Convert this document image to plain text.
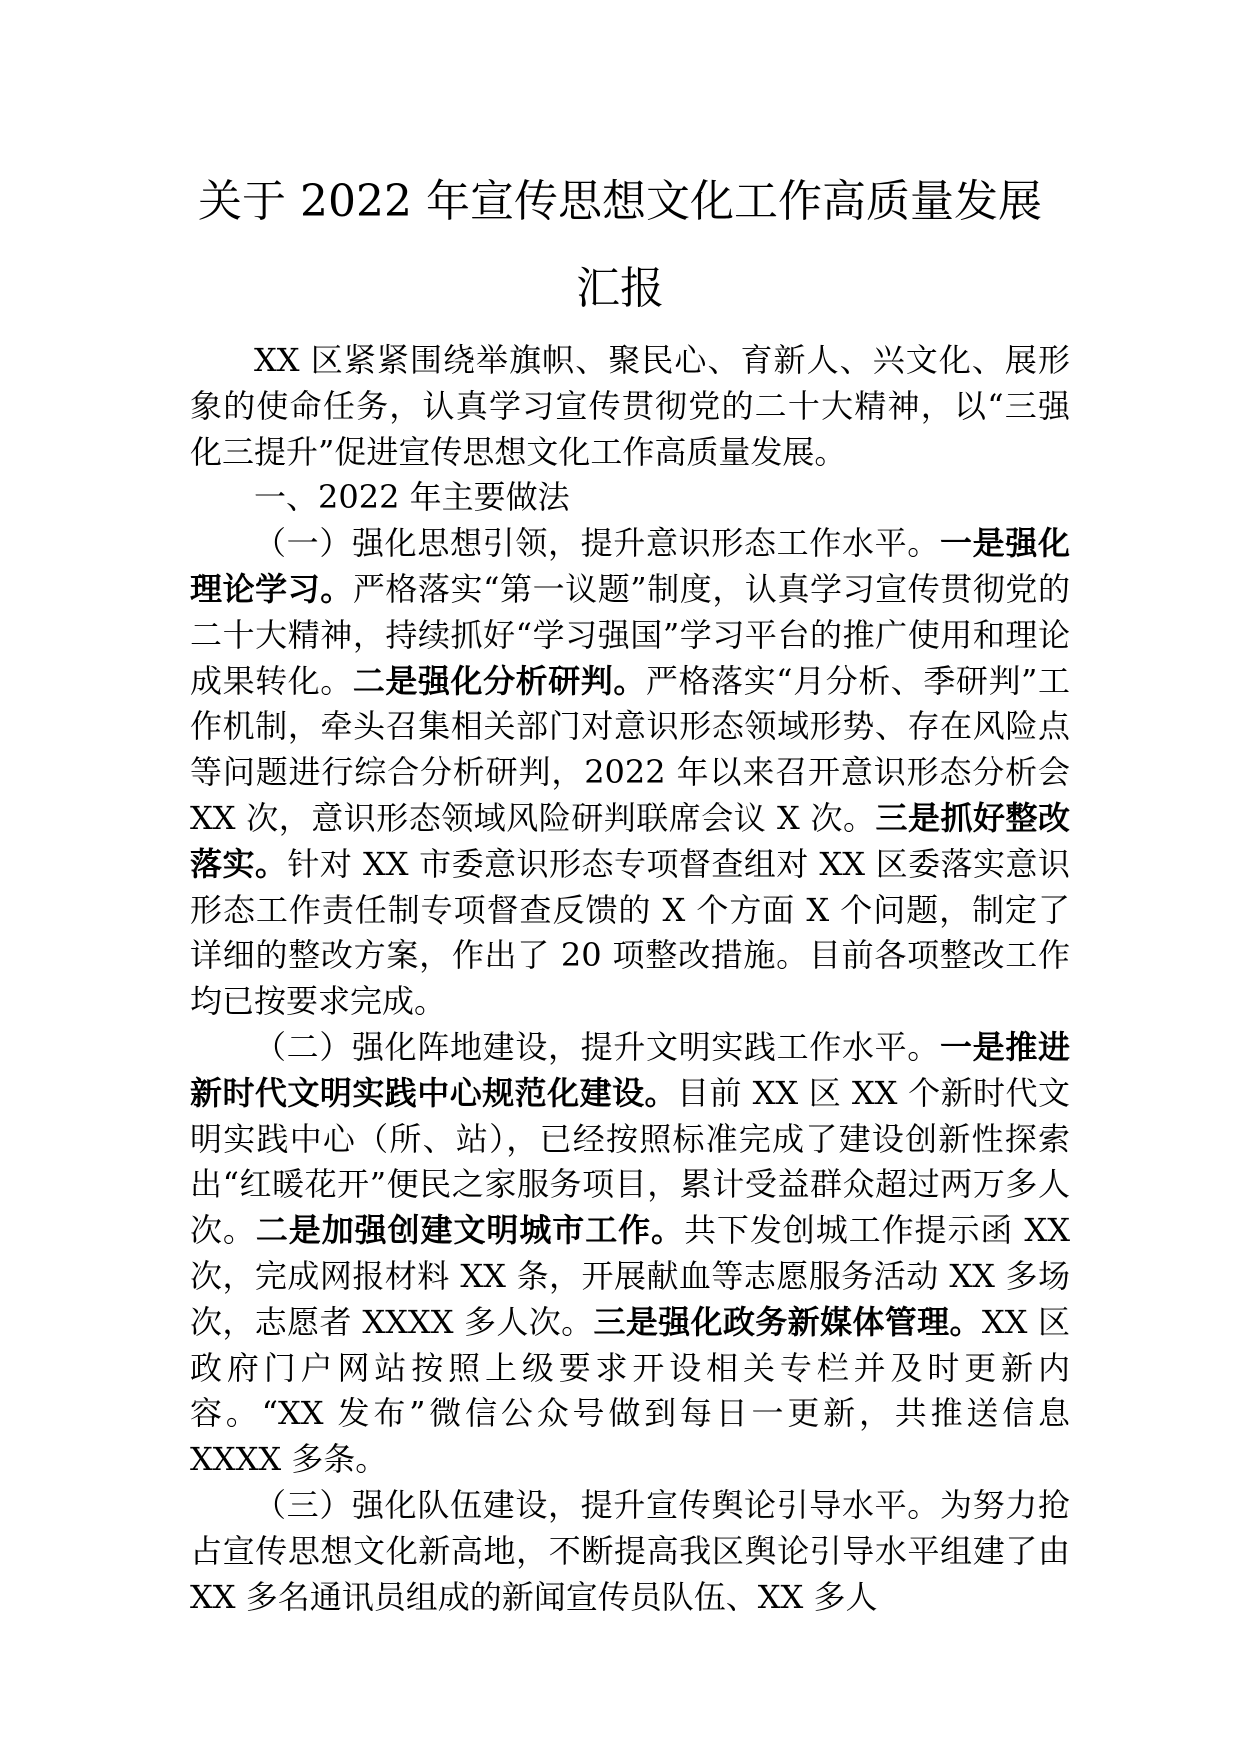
关于 2022 年宣传思想文化工作高质量发展
汇报

XX 区紧紧围绕举旗帜、聚民心、育新人、兴文化、展形象的使命任务，认真学习宣传贯彻党的二十大精神，以“三强化三提升”促进宣传思想文化工作高质量发展。

一、2022 年主要做法

（一）强化思想引领，提升意识形态工作水平。一是强化理论学习。严格落实“第一议题”制度，认真学习宣传贯彻党的二十大精神，持续抓好“学习强国”学习平台的推广使用和理论成果转化。二是强化分析研判。严格落实“月分析、季研判”工作机制，牵头召集相关部门对意识形态领域形势、存在风险点等问题进行综合分析研判，2022 年以来召开意识形态分析会 XX 次，意识形态领域风险研判联席会议 X 次。三是抓好整改落实。针对 XX 市委意识形态专项督查组对 XX 区委落实意识形态工作责任制专项督查反馈的 X 个方面 X 个问题，制定了详细的整改方案，作出了 20 项整改措施。目前各项整改工作均已按要求完成。

（二）强化阵地建设，提升文明实践工作水平。一是推进新时代文明实践中心规范化建设。目前 XX 区 XX 个新时代文明实践中心（所、站），已经按照标准完成了建设创新性探索出“红暖花开”便民之家服务项目，累计受益群众超过两万多人次。二是加强创建文明城市工作。共下发创城工作提示函 XX 次，完成网报材料 XX 条，开展献血等志愿服务活动 XX 多场次，志愿者 XXXX 多人次。三是强化政务新媒体管理。XX 区政府门户网站按照上级要求开设相关专栏并及时更新内容。“XX 发布”微信公众号做到每日一更新，共推送信息 XXXX 多条。

（三）强化队伍建设，提升宣传舆论引导水平。为努力抢占宣传思想文化新高地，不断提高我区舆论引导水平组建了由 XX 多名通讯员组成的新闻宣传员队伍、XX 多人
